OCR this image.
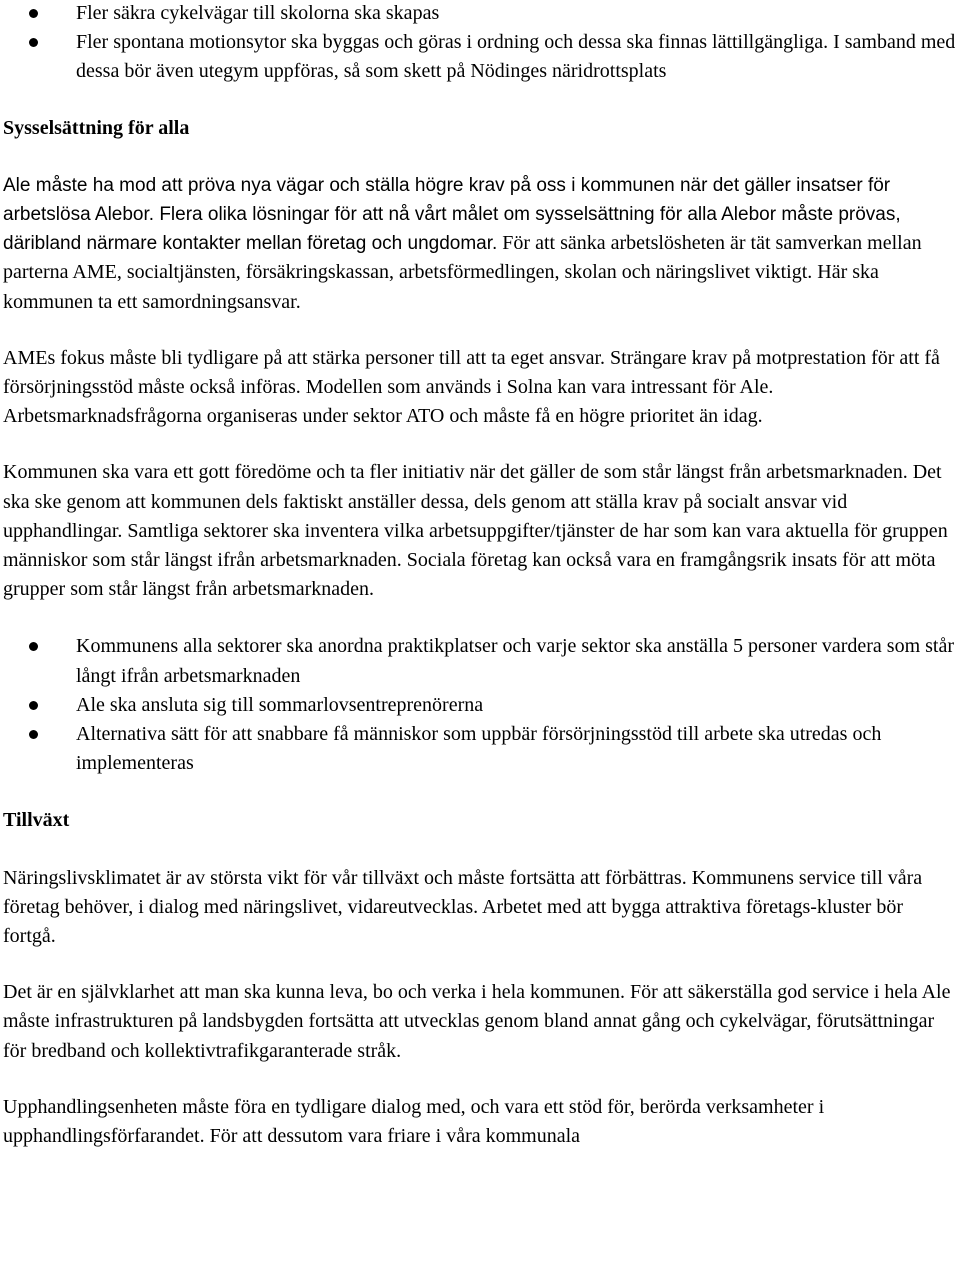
Fler säkra cykelvägar till skolorna ska skapas
Fler spontana motionsytor ska byggas och göras i ordning och dessa ska finnas lättillgängliga. I samband med dessa bör även utegym uppföras, så som skett på Nödinges näridrottsplats
Sysselsättning för alla

Ale måste ha mod att pröva nya vägar och ställa högre krav på oss i kommunen när det gäller insatser för arbetslösa Alebor. Flera olika lösningar för att nå vårt målet om sysselsättning för alla Alebor måste prövas, däribland närmare kontakter mellan företag och ungdomar. För att sänka arbetslösheten är tät samverkan mellan parterna AME, socialtjänsten, försäkringskassan, arbetsförmedlingen, skolan och näringslivet viktigt. Här ska kommunen ta ett samordningsansvar.

AMEs fokus måste bli tydligare på att stärka personer till att ta eget ansvar. Strängare krav på motprestation för att få försörjningsstöd måste också införas. Modellen som används i Solna kan vara intressant för Ale. Arbetsmarknadsfrågorna organiseras under sektor ATO och måste få en högre prioritet än idag.

Kommunen ska vara ett gott föredöme och ta fler initiativ när det gäller de som står längst från arbetsmarknaden. Det ska ske genom att kommunen dels faktiskt anställer dessa, dels genom att ställa krav på socialt ansvar vid upphandlingar. Samtliga sektorer ska inventera vilka arbetsuppgifter/tjänster de har som kan vara aktuella för gruppen människor som står längst ifrån arbetsmarknaden. Sociala företag kan också vara en framgångsrik insats för att möta grupper som står längst från arbetsmarknaden.

Kommunens alla sektorer ska anordna praktikplatser och varje sektor ska anställa 5 personer vardera som står långt ifrån arbetsmarknaden
Ale ska ansluta sig till sommarlovsentreprenörerna
Alternativa sätt för att snabbare få människor som uppbär försörjningsstöd till arbete ska utredas och implementeras
Tillväxt

Näringslivsklimatet är av största vikt för vår tillväxt och måste fortsätta att förbättras. Kommunens service till våra företag behöver, i dialog med näringslivet, vidareutvecklas. Arbetet med att bygga attraktiva företags-kluster bör fortgå.

Det är en självklarhet att man ska kunna leva, bo och verka i hela kommunen. För att säkerställa god service i hela Ale måste infrastrukturen på landsbygden fortsätta att utvecklas genom bland annat gång och cykelvägar, förutsättningar för bredband och kollektivtrafikgaranterade stråk.

Upphandlingsenheten måste föra en tydligare dialog med, och vara ett stöd för, berörda verksamheter i upphandlingsförfarandet. För att dessutom vara friare i våra kommunala
